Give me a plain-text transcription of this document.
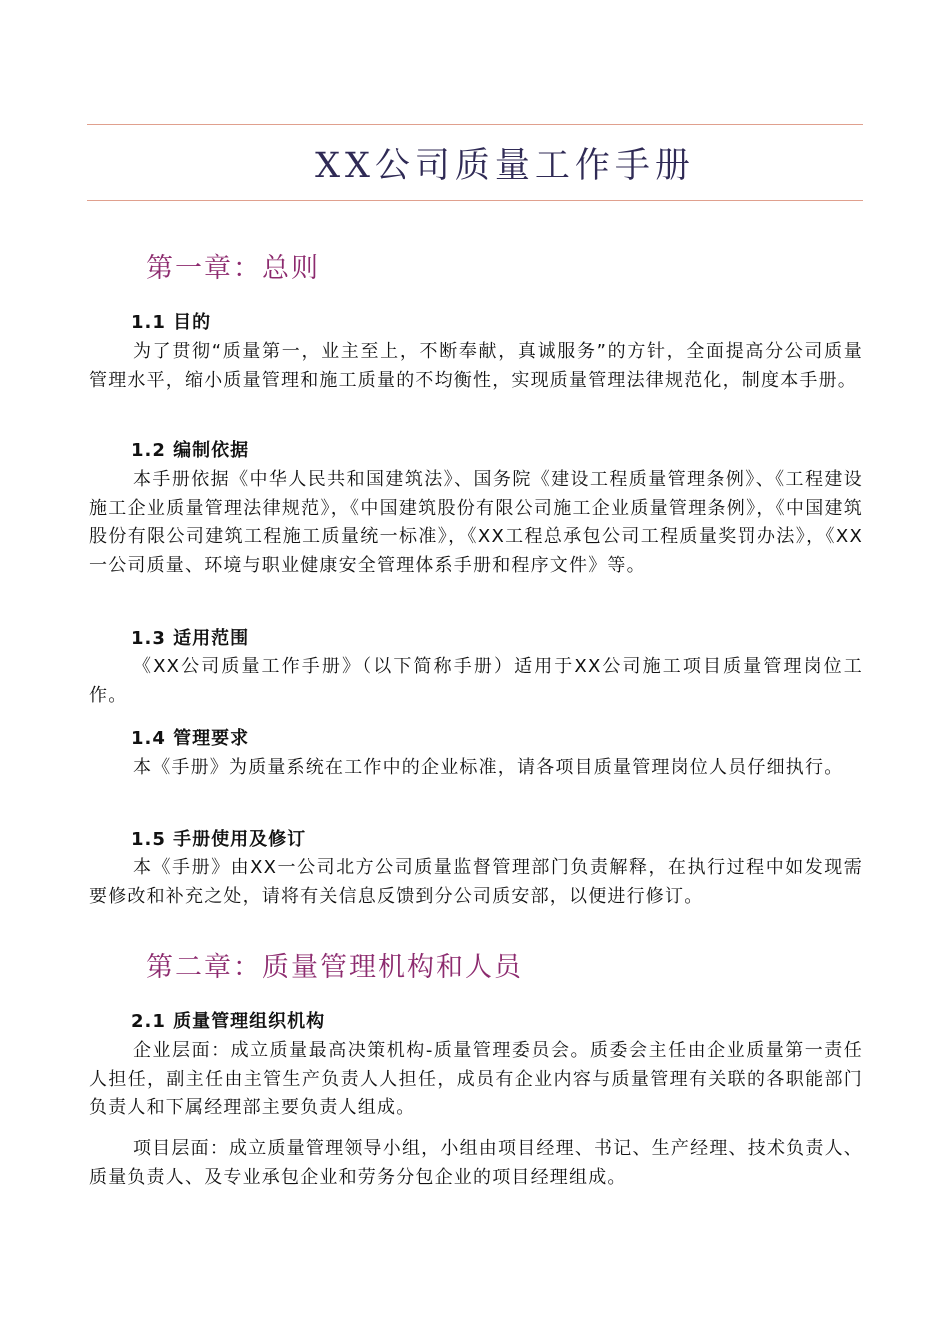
XX公司质量工作手册
第一章：总则
1.1 目的

为了贯彻“质量第一，业主至上，不断奉献，真诚服务”的方针，全面提高分公司质量管理水平，缩小质量管理和施工质量的不均衡性，实现质量管理法律规范化，制度本手册。

1.2 编制依据

本手册依据《中华人民共和国建筑法》、国务院《建设工程质量管理条例》、《工程建设施工企业质量管理法律规范》，《中国建筑股份有限公司施工企业质量管理条例》，《中国建筑股份有限公司建筑工程施工质量统一标准》，《XX工程总承包公司工程质量奖罚办法》，《XX一公司质量、环境与职业健康安全管理体系手册和程序文件》等。

1.3 适用范围

《XX公司质量工作手册》（以下简称手册）适用于XX公司施工项目质量管理岗位工作。

1.4 管理要求

本《手册》为质量系统在工作中的企业标准，请各项目质量管理岗位人员仔细执行。

1.5 手册使用及修订

本《手册》由XX一公司北方公司质量监督管理部门负责解释，在执行过程中如发现需要修改和补充之处，请将有关信息反馈到分公司质安部，以便进行修订。

第二章：质量管理机构和人员
2.1 质量管理组织机构

企业层面：成立质量最高决策机构-质量管理委员会。质委会主任由企业质量第一责任人担任，副主任由主管生产负责人人担任，成员有企业内容与质量管理有关联的各职能部门负责人和下属经理部主要负责人组成。

项目层面：成立质量管理领导小组，小组由项目经理、书记、生产经理、技术负责人、质量负责人、及专业承包企业和劳务分包企业的项目经理组成。
